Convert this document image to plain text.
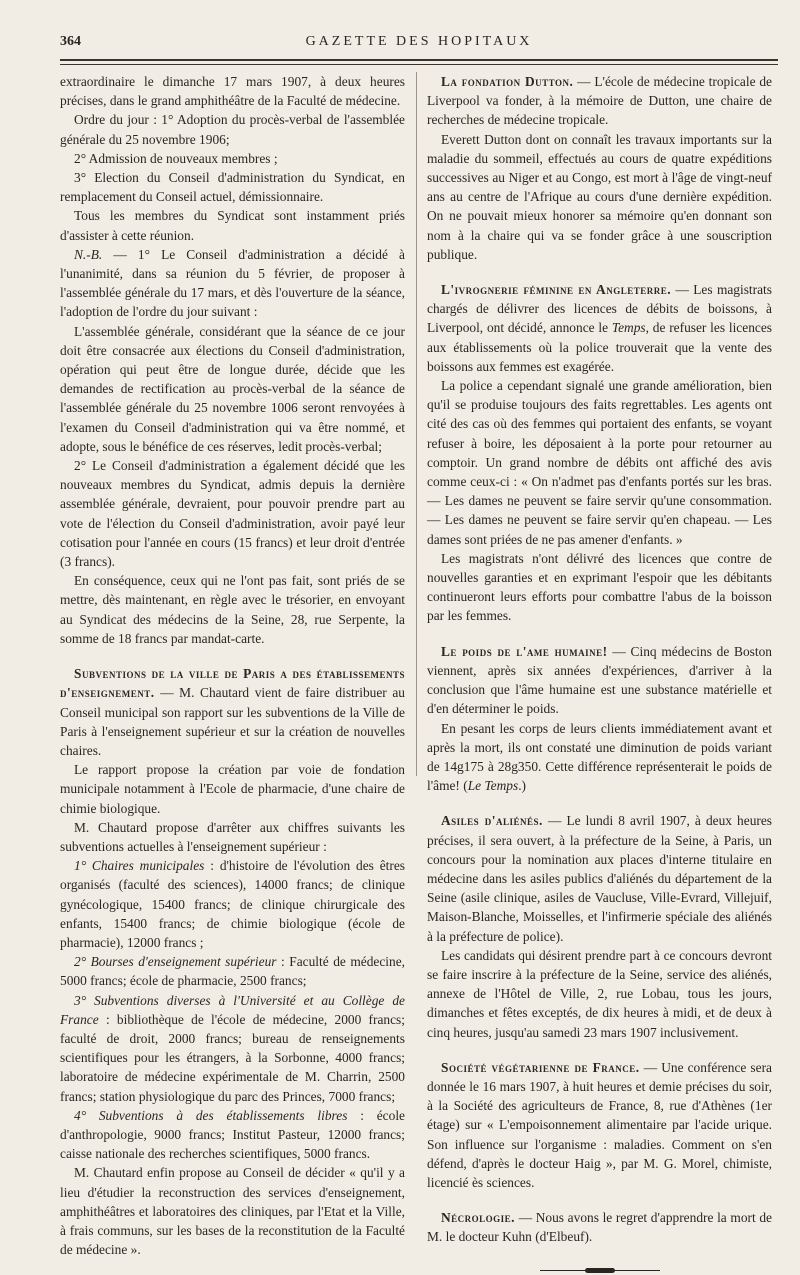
364	GAZETTE DES HOPITAUX

extraordinaire le dimanche 17 mars 1907, à deux heures précises, dans le grand amphithéâtre de la Faculté de médecine.

Ordre du jour : 1° Adoption du procès-verbal de l'assemblée générale du 25 novembre 1906;

2° Admission de nouveaux membres ;

3° Election du Conseil d'administration du Syndicat, en remplacement du Conseil actuel, démissionnaire.

Tous les membres du Syndicat sont instamment priés d'assister à cette réunion.

N.-B. — 1° Le Conseil d'administration a décidé à l'unanimité, dans sa réunion du 5 février, de proposer à l'assemblée générale du 17 mars, et dès l'ouverture de la séance, l'adoption de l'ordre du jour suivant :

L'assemblée générale, considérant que la séance de ce jour doit être consacrée aux élections du Conseil d'administration, opération qui peut être de longue durée, décide que les demandes de rectification au procès-verbal de la séance de l'assemblée générale du 25 novembre 1006 seront renvoyées à l'examen du Conseil d'administration qui va être nommé, et adopte, sous le bénéfice de ces réserves, ledit procès-verbal;

2° Le Conseil d'administration a également décidé que les nouveaux membres du Syndicat, admis depuis la dernière assemblée générale, devraient, pour pouvoir prendre part au vote de l'élection du Conseil d'administration, avoir payé leur cotisation pour l'année en cours (15 francs) et leur droit d'entrée (3 francs).

En conséquence, ceux qui ne l'ont pas fait, sont priés de se mettre, dès maintenant, en règle avec le trésorier, en envoyant au Syndicat des médecins de la Seine, 28, rue Serpente, la somme de 18 francs par mandat-carte.

Subventions de la ville de Paris a des établissements d'enseignement. — M. Chautard vient de faire distribuer au Conseil municipal son rapport sur les subventions de la Ville de Paris à l'enseignement supérieur et sur la création de nouvelles chaires.

Le rapport propose la création par voie de fondation municipale notamment à l'Ecole de pharmacie, d'une chaire de chimie biologique.

M. Chautard propose d'arrêter aux chiffres suivants les subventions actuelles à l'enseignement supérieur :

1° Chaires municipales : d'histoire de l'évolution des êtres organisés (faculté des sciences), 14000 francs; de clinique gynécologique, 15400 francs; de clinique chirurgicale des enfants, 15400 francs; de chimie biologique (école de pharmacie), 12000 francs ;

2° Bourses d'enseignement supérieur : Faculté de médecine, 5000 francs; école de pharmacie, 2500 francs;

3° Subventions diverses à l'Université et au Collège de France : bibliothèque de l'école de médecine, 2000 francs; faculté de droit, 2000 francs; bureau de renseignements scientifiques pour les étrangers, à la Sorbonne, 4000 francs; laboratoire de médecine expérimentale de M. Charrin, 2500 francs; station physiologique du parc des Princes, 7000 francs;

4° Subventions à des établissements libres : école d'anthropologie, 9000 francs; Institut Pasteur, 12000 francs; caisse nationale des recherches scientifiques, 5000 francs.

M. Chautard enfin propose au Conseil de décider « qu'il y a lieu d'étudier la reconstruction des services d'enseignement, amphithéâtres et laboratoires des cliniques, par l'Etat et la Ville, à frais communs, sur les bases de la reconstitution de la Faculté de médecine ».

La fondation Dutton. — L'école de médecine tropicale de Liverpool va fonder, à la mémoire de Dutton, une chaire de recherches de médecine tropicale.

Everett Dutton dont on connaît les travaux importants sur la maladie du sommeil, effectués au cours de quatre expéditions successives au Niger et au Congo, est mort à l'âge de vingt-neuf ans au centre de l'Afrique au cours d'une dernière expédition. On ne pouvait mieux honorer sa mémoire qu'en donnant son nom à la chaire qui va se fonder grâce à une souscription publique.

L'ivrognerie féminine en Angleterre. — Les magistrats chargés de délivrer des licences de débits de boissons, à Liverpool, ont décidé, annonce le Temps, de refuser les licences aux établissements où la police trouverait que la vente des boissons aux femmes est exagérée.

La police a cependant signalé une grande amélioration, bien qu'il se produise toujours des faits regrettables. Les agents ont cité des cas où des femmes qui portaient des enfants, se voyant refuser à boire, les déposaient à la porte pour retourner au comptoir. Un grand nombre de débits ont affiché des avis comme ceux-ci : « On n'admet pas d'enfants portés sur les bras. — Les dames ne peuvent se faire servir qu'une consommation. — Les dames ne peuvent se faire servir qu'en chapeau. — Les dames sont priées de ne pas amener d'enfants. »

Les magistrats n'ont délivré des licences que contre de nouvelles garanties et en exprimant l'espoir que les débitants continueront leurs efforts pour combattre l'abus de la boisson par les femmes.

Le poids de l'ame humaine! — Cinq médecins de Boston viennent, après six années d'expériences, d'arriver à la conclusion que l'âme humaine est une substance matérielle et d'en déterminer le poids.

En pesant les corps de leurs clients immédiatement avant et après la mort, ils ont constaté une diminution de poids variant de 14g175 à 28g350. Cette différence représenterait le poids de l'âme! (Le Temps.)

Asiles d'aliénés. — Le lundi 8 avril 1907, à deux heures précises, il sera ouvert, à la préfecture de la Seine, à Paris, un concours pour la nomination aux places d'interne titulaire en médecine dans les asiles publics d'aliénés du département de la Seine (asile clinique, asiles de Vaucluse, Ville-Evrard, Villejuif, Maison-Blanche, Moisselles, et l'infirmerie spéciale des aliénés à la préfecture de police).

Les candidats qui désirent prendre part à ce concours devront se faire inscrire à la préfecture de la Seine, service des aliénés, annexe de l'Hôtel de Ville, 2, rue Lobau, tous les jours, dimanches et fêtes exceptés, de dix heures à midi, et de deux à cinq heures, jusqu'au samedi 23 mars 1907 inclusivement.

Société végétarienne de France. — Une conférence sera donnée le 16 mars 1907, à huit heures et demie précises du soir, à la Société des agriculteurs de France, 8, rue d'Athènes (1er étage) sur « L'empoisonnement alimentaire par l'acide urique. Son influence sur l'organisme : maladies. Comment on s'en défend, d'après le docteur Haig », par M. G. Morel, chimiste, licencié ès sciences.

Nécrologie. — Nous avons le regret d'apprendre la mort de M. le docteur Kuhn (d'Elbeuf).
